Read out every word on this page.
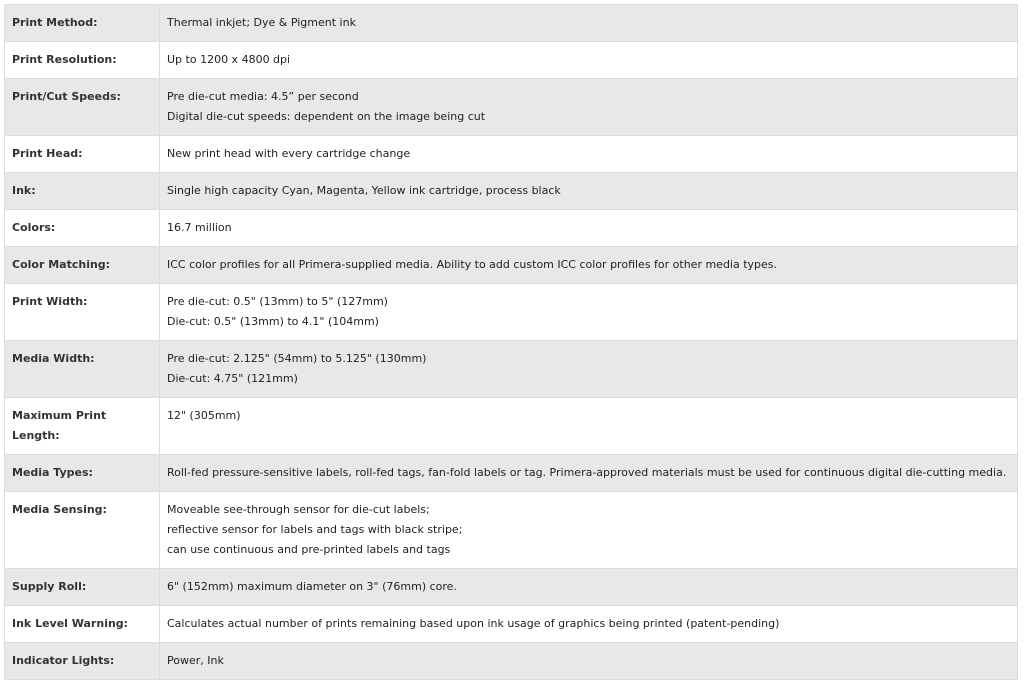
Print Method:	Thermal inkjet; Dye & Pigment ink

Print Resolution:	Up to 1200 x 4800 dpi

Print/Cut Speeds:	Pre die-cut media: 4.5” per second
Digital die-cut speeds: dependent on the image being cut

Print Head:	New print head with every cartridge change

Ink:	Single high capacity Cyan, Magenta, Yellow ink cartridge, process black

Colors:	16.7 million

Color Matching:	ICC color profiles for all Primera-supplied media. Ability to add custom ICC color profiles for other media types.

Print Width:	Pre die-cut: 0.5" (13mm) to 5" (127mm)
Die-cut: 0.5" (13mm) to 4.1" (104mm)

Media Width:	Pre die-cut: 2.125" (54mm) to 5.125" (130mm)
Die-cut: 4.75" (121mm)

Maximum Print Length:	12" (305mm)

Media Types:	Roll-fed pressure-sensitive labels, roll-fed tags, fan-fold labels or tag. Primera-approved materials must be used for continuous digital die-cutting media.

Media Sensing:	Moveable see-through sensor for die-cut labels;
reflective sensor for labels and tags with black stripe;
can use continuous and pre-printed labels and tags

Supply Roll:	6" (152mm) maximum diameter on 3" (76mm) core.

Ink Level Warning:	Calculates actual number of prints remaining based upon ink usage of graphics being printed (patent-pending)

Indicator Lights:	Power, Ink
